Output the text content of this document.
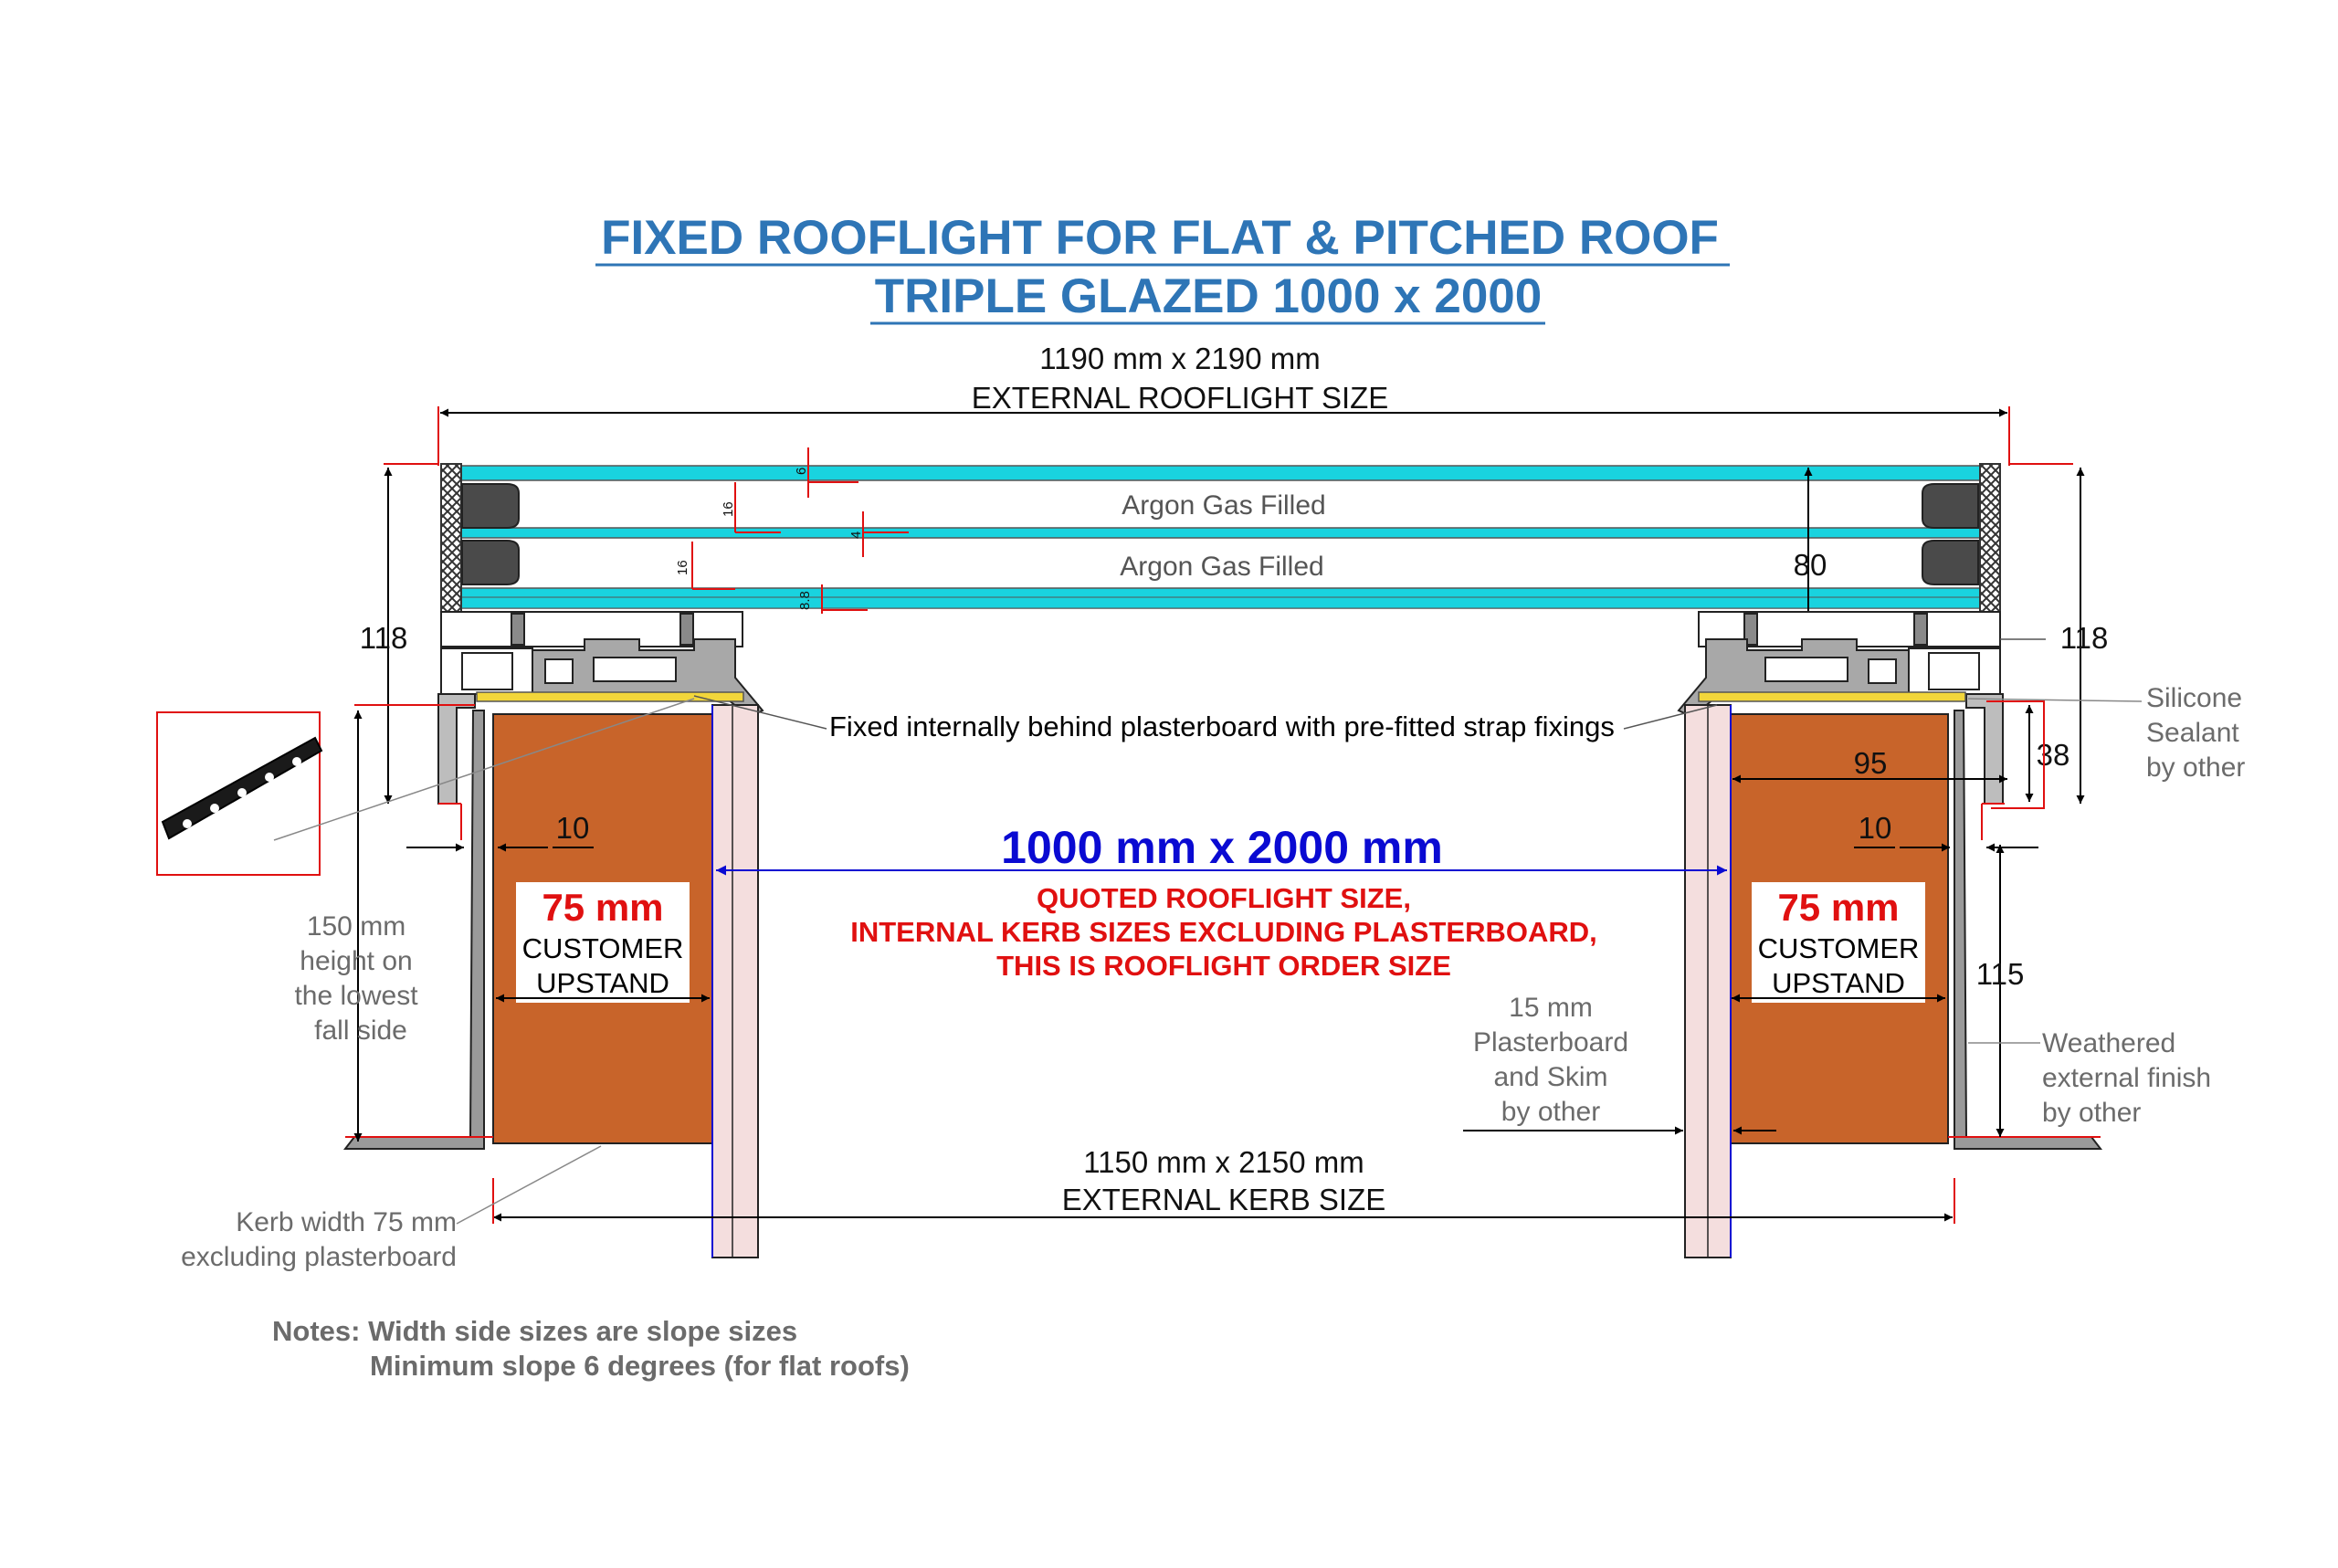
FIXED ROOFLIGHT FOR FLAT & PITCHED ROOF
TRIPLE GLAZED 1000 x 2000
1190 mm x 2190 mm
EXTERNAL ROOFLIGHT SIZE
Argon Gas Filled
Argon Gas Filled
6
16
4
16
8.8
80
75 mm
CUSTOMER
UPSTAND
75 mm
CUSTOMER
UPSTAND
1000 mm x 2000 mm
QUOTED ROOFLIGHT SIZE,
INTERNAL KERB SIZES EXCLUDING PLASTERBOARD,
THIS IS ROOFLIGHT ORDER SIZE
118	118
38
115
95
10	10
1150 mm x 2150 mm
EXTERNAL KERB SIZE
Fixed internally behind plasterboard with pre-fitted strap fixings
Silicone
Sealant
by other
150 mm
height on
the lowest
fall side
15 mm
Plasterboard
and Skim
by other
Weathered
external finish
by other
Kerb width 75 mm
excluding plasterboard
Notes: Width side sizes are slope sizes
Minimum slope 6 degrees (for flat roofs)
